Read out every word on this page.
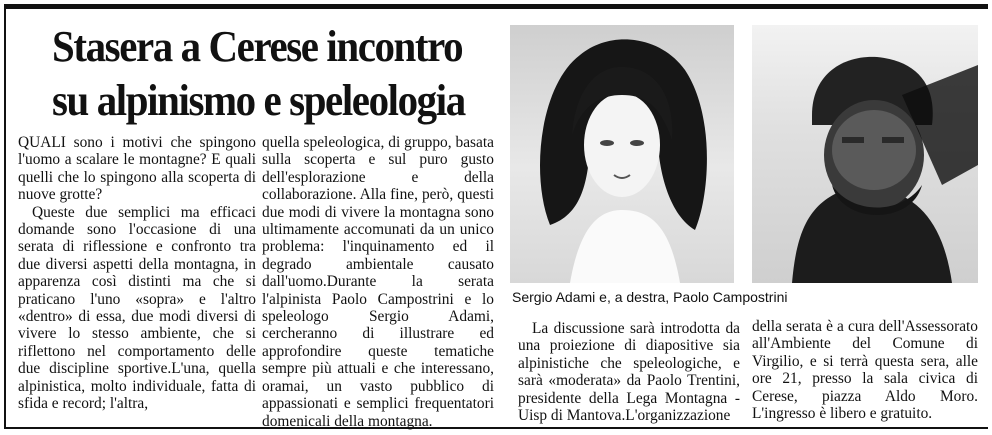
Stasera a Cerese incontro
su alpinismo e speleologia

QUALI sono i motivi che spingono l'uomo a scalare le montagne? E quali quelli che lo spingono alla scoperta di nuove grotte?

Queste due semplici ma efficaci domande sono l'occasione di una serata di riflessione e confronto tra due diversi aspetti della montagna, in apparenza così distinti ma che si praticano l'uno «sopra» e l'altro «dentro» di essa, due modi diversi di vivere lo stesso ambiente, che si riflettono nel comportamento delle due discipline sportive.L'una, quella alpinistica, molto individuale, fatta di sfida e record; l'altra,

quella speleologica, di gruppo, basata sulla scoperta e sul puro gusto dell'esplorazione e della collaborazione. Alla fine, però, questi due modi di vivere la montagna sono ultimamente accomunati da un unico problema: l'inquinamento ed il degrado ambientale causato dall'uomo.Durante la serata l'alpinista Paolo Campostrini e lo speleologo Sergio Adami, cercheranno di illustrare ed approfondire queste tematiche sempre più attuali e che interessano, oramai, un vasto pubblico di appassionati e semplici frequentatori domenicali della montagna.

Sergio Adami e, a destra, Paolo Campostrini

La discussione sarà introdotta da una proiezione di diapositive sia alpinistiche che speleologiche, e sarà «moderata» da Paolo Trentini, presidente della Lega Montagna - Uisp di Mantova.L'organizzazione

della serata è a cura dell'Assessorato all'Ambiente del Comune di Virgilio, e si terrà questa sera, alle ore 21, presso la sala civica di Cerese, piazza Aldo Moro. L'ingresso è libero e gratuito.
